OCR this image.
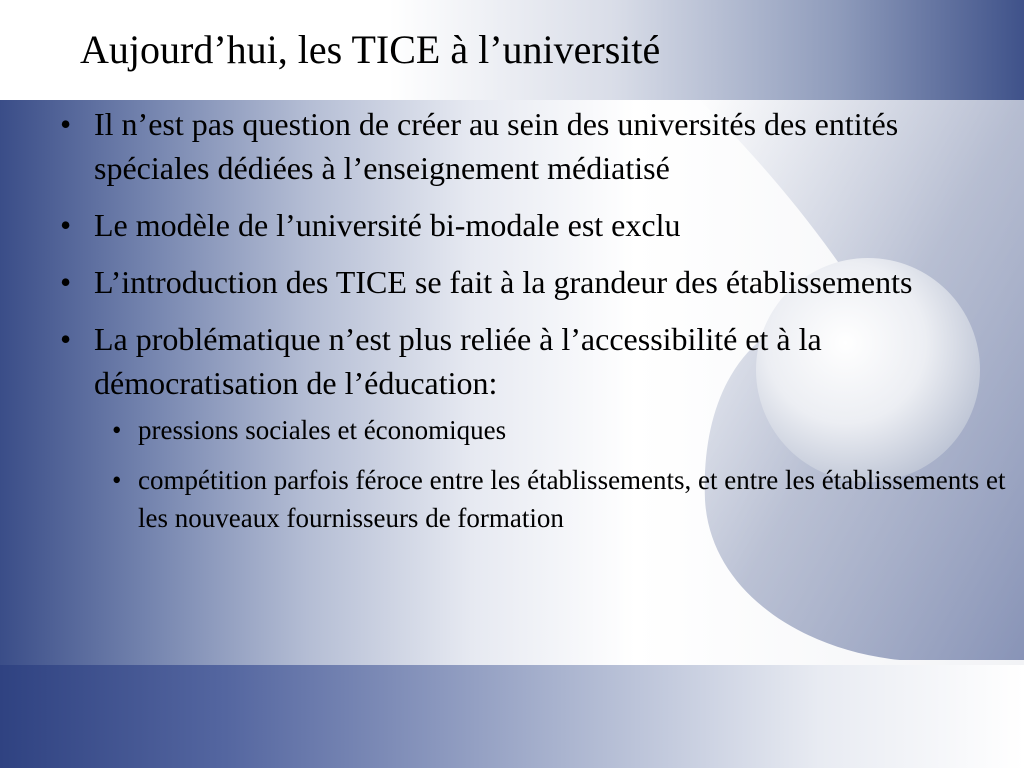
Aujourd’hui, les TICE à l’université
• Il n’est pas question de créer au sein des universités des entités spéciales dédiées à l’enseignement médiatisé
• Le modèle de l’université bi-modale est exclu
• L’introduction des TICE se fait à la grandeur des établissements
• La problématique n’est plus reliée à l’accessibilité et à la démocratisation de l’éducation:
• pressions sociales et économiques
• compétition parfois féroce entre les établissements, et entre les établissements et les nouveaux fournisseurs de formation
